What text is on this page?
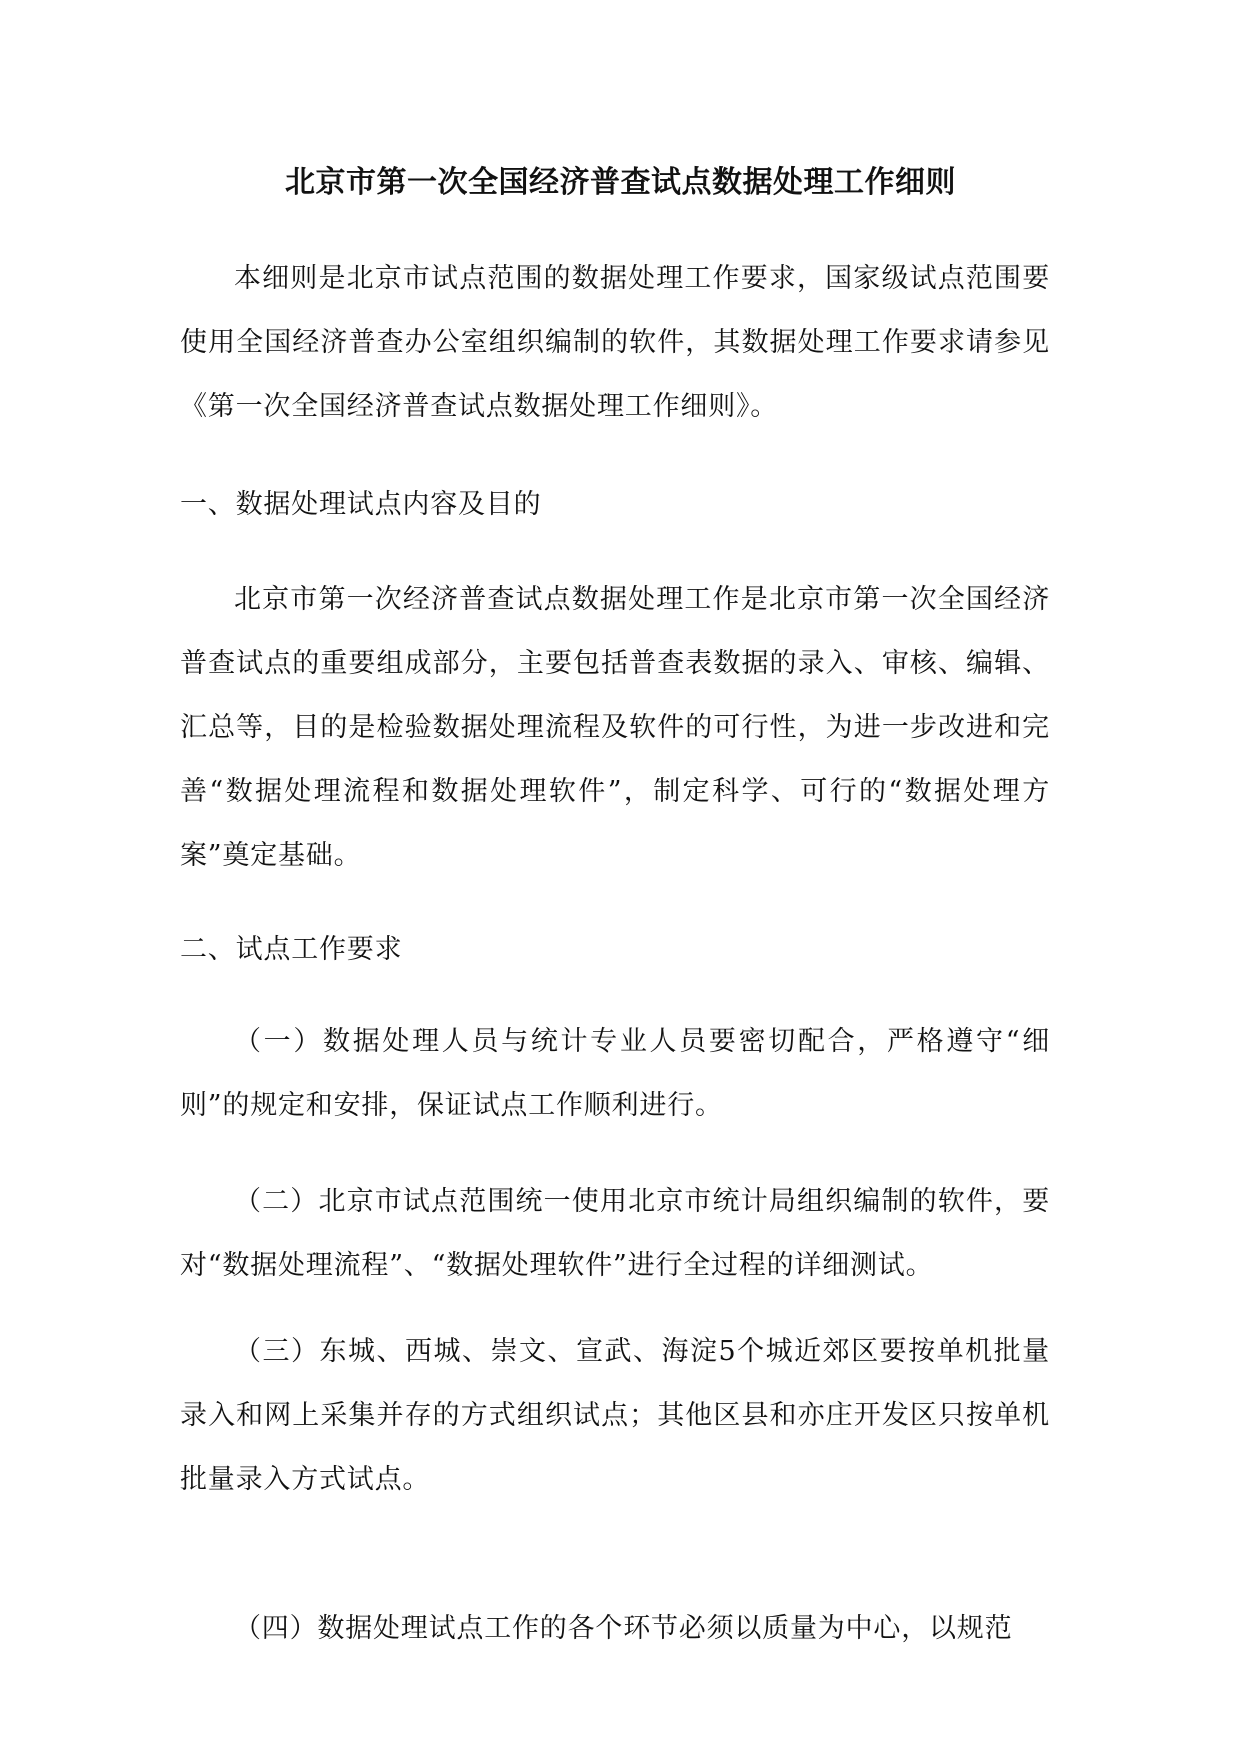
北京市第一次全国经济普查试点数据处理工作细则

本细则是北京市试点范围的数据处理工作要求，国家级试点范围要使用全国经济普查办公室组织编制的软件，其数据处理工作要求请参见《第一次全国经济普查试点数据处理工作细则》。

一、数据处理试点内容及目的

北京市第一次经济普查试点数据处理工作是北京市第一次全国经济普查试点的重要组成部分，主要包括普查表数据的录入、审核、编辑、汇总等，目的是检验数据处理流程及软件的可行性，为进一步改进和完善“数据处理流程和数据处理软件”，制定科学、可行的“数据处理方案”奠定基础。

二、试点工作要求

（一）数据处理人员与统计专业人员要密切配合，严格遵守“细则”的规定和安排，保证试点工作顺利进行。

（二）北京市试点范围统一使用北京市统计局组织编制的软件，要对“数据处理流程”、“数据处理软件”进行全过程的详细测试。

（三）东城、西城、崇文、宣武、海淀5个城近郊区要按单机批量录入和网上采集并存的方式组织试点；其他区县和亦庄开发区只按单机批量录入方式试点。

（四）数据处理试点工作的各个环节必须以质量为中心，以规范
